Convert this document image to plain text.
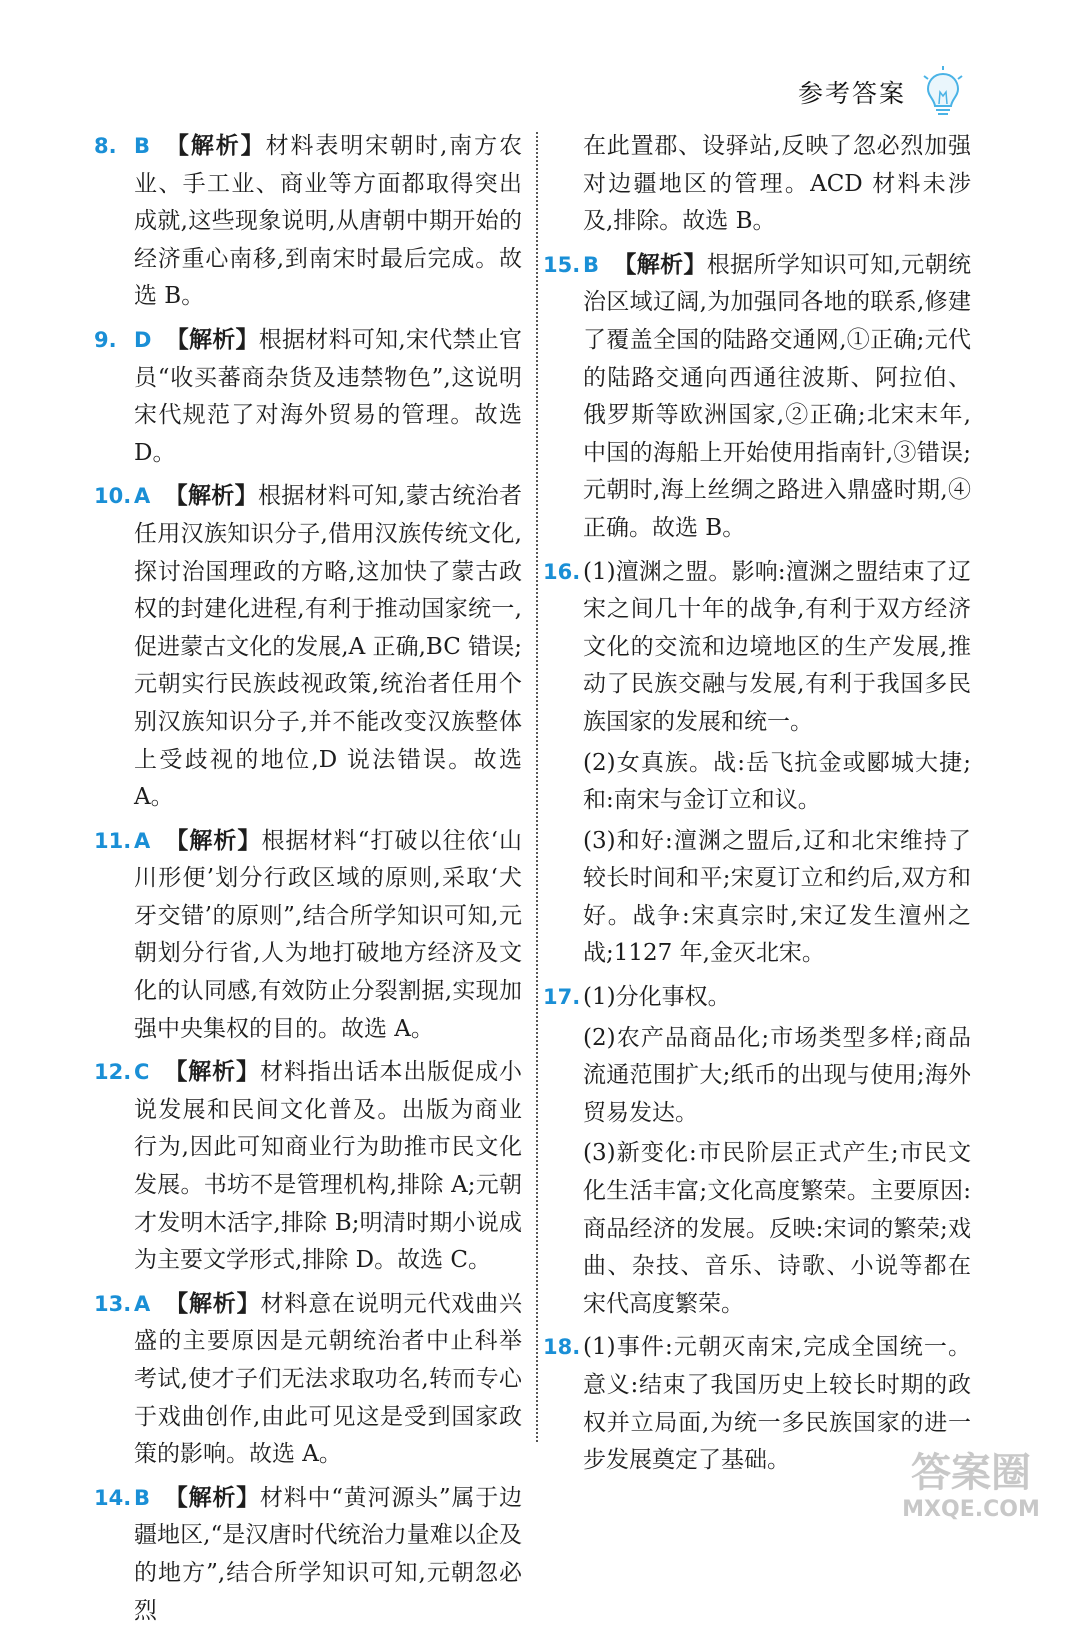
参考答案
8. B 【解析】材料表明宋朝时,南方农业、手工业、商业等方面都取得突出成就,这些现象说明,从唐朝中期开始的经济重心南移,到南宋时最后完成。故选 B。
9. D 【解析】根据材料可知,宋代禁止官员“收买蕃商杂货及违禁物色”,这说明宋代规范了对海外贸易的管理。故选 D。
10. A 【解析】根据材料可知,蒙古统治者任用汉族知识分子,借用汉族传统文化,探讨治国理政的方略,这加快了蒙古政权的封建化进程,有利于推动国家统一,促进蒙古文化的发展,A 正确,BC 错误;元朝实行民族歧视政策,统治者任用个别汉族知识分子,并不能改变汉族整体上受歧视的地位,D 说法错误。故选 A。
11. A 【解析】根据材料“打破以往依‘山川形便’划分行政区域的原则,采取‘犬牙交错’的原则”,结合所学知识可知,元朝划分行省,人为地打破地方经济及文化的认同感,有效防止分裂割据,实现加强中央集权的目的。故选 A。
12. C 【解析】材料指出话本出版促成小说发展和民间文化普及。出版为商业行为,因此可知商业行为助推市民文化发展。书坊不是管理机构,排除 A;元朝才发明木活字,排除 B;明清时期小说成为主要文学形式,排除 D。故选 C。
13. A 【解析】材料意在说明元代戏曲兴盛的主要原因是元朝统治者中止科举考试,使才子们无法求取功名,转而专心于戏曲创作,由此可见这是受到国家政策的影响。故选 A。
14. B 【解析】材料中“黄河源头”属于边疆地区,“是汉唐时代统治力量难以企及的地方”,结合所学知识可知,元朝忽必烈
在此置郡、设驿站,反映了忽必烈加强对边疆地区的管理。ACD 材料未涉及,排除。故选 B。
15. B 【解析】根据所学知识可知,元朝统治区域辽阔,为加强同各地的联系,修建了覆盖全国的陆路交通网,①正确;元代的陆路交通向西通往波斯、阿拉伯、俄罗斯等欧洲国家,②正确;北宋末年,中国的海船上开始使用指南针,③错误;元朝时,海上丝绸之路进入鼎盛时期,④正确。故选 B。
16. (1)澶渊之盟。影响:澶渊之盟结束了辽宋之间几十年的战争,有利于双方经济文化的交流和边境地区的生产发展,推动了民族交融与发展,有利于我国多民族国家的发展和统一。
(2)女真族。战:岳飞抗金或郾城大捷;和:南宋与金订立和议。
(3)和好:澶渊之盟后,辽和北宋维持了较长时间和平;宋夏订立和约后,双方和好。战争:宋真宗时,宋辽发生澶州之战;1127 年,金灭北宋。
17. (1)分化事权。
(2)农产品商品化;市场类型多样;商品流通范围扩大;纸币的出现与使用;海外贸易发达。
(3)新变化:市民阶层正式产生;市民文化生活丰富;文化高度繁荣。主要原因:商品经济的发展。反映:宋词的繁荣;戏曲、杂技、音乐、诗歌、小说等都在宋代高度繁荣。
18. (1)事件:元朝灭南宋,完成全国统一。意义:结束了我国历史上较长时期的政权并立局面,为统一多民族国家的进一步发展奠定了基础。	答案圈
MXQE.COM
